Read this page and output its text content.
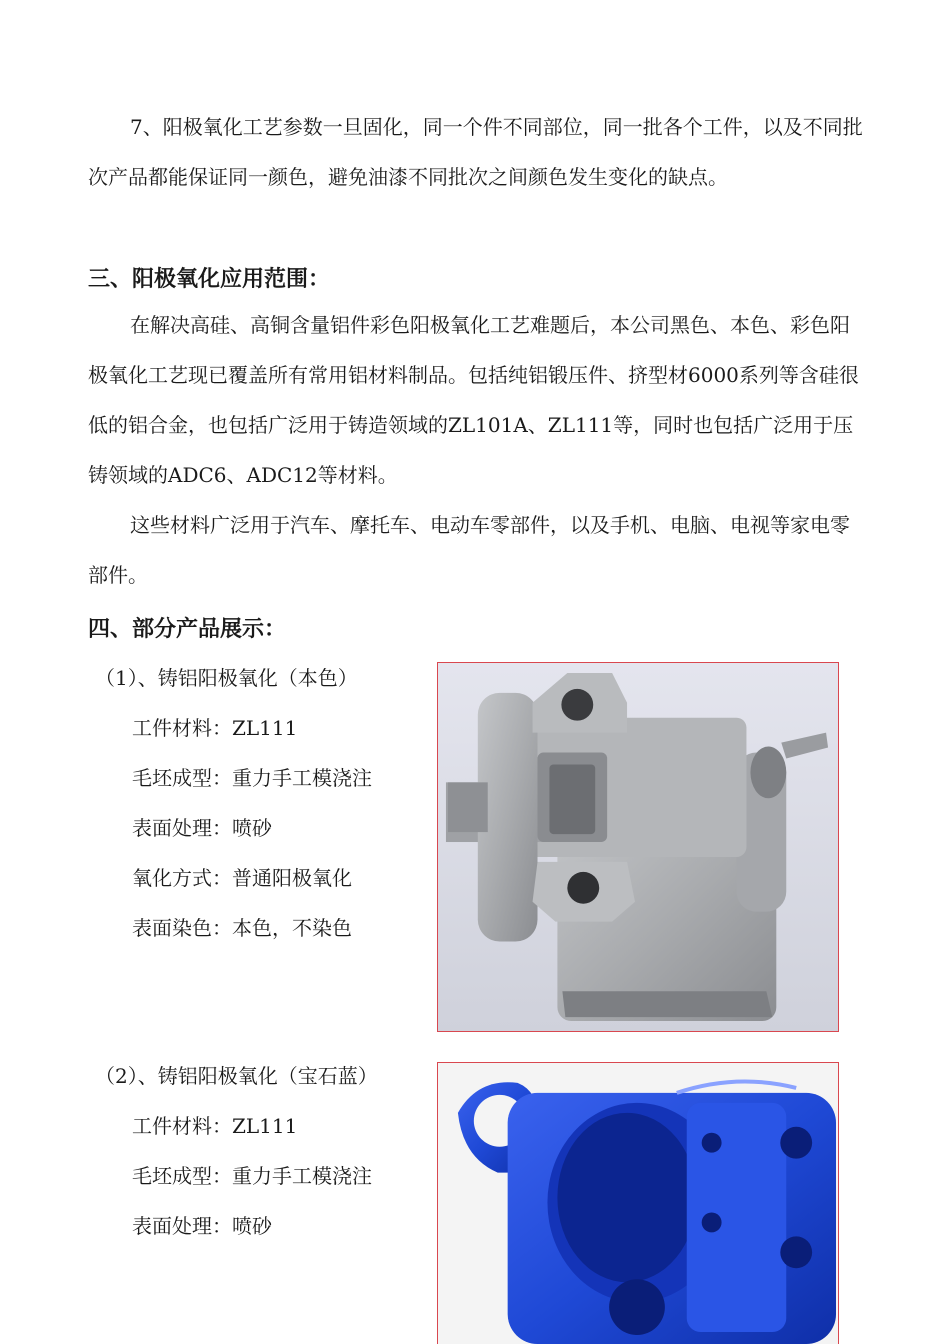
7、阳极氧化工艺参数一旦固化，同一个件不同部位，同一批各个工件，以及不同批次产品都能保证同一颜色，避免油漆不同批次之间颜色发生变化的缺点。

三、阳极氧化应用范围：

在解决高硅、高铜含量铝件彩色阳极氧化工艺难题后，本公司黑色、本色、彩色阳极氧化工艺现已覆盖所有常用铝材料制品。包括纯铝锻压件、挤型材6000系列等含硅很低的铝合金，也包括广泛用于铸造领域的ZL101A、ZL111等，同时也包括广泛用于压铸领域的ADC6、ADC12等材料。

这些材料广泛用于汽车、摩托车、电动车零部件，以及手机、电脑、电视等家电零部件。

四、部分产品展示：

（1）、铸铝阳极氧化（本色）

工件材料：ZL111

毛坯成型：重力手工模浇注

表面处理：喷砂

氧化方式：普通阳极氧化

表面染色：本色，不染色

（2）、铸铝阳极氧化（宝石蓝）

工件材料：ZL111

毛坯成型：重力手工模浇注

表面处理：喷砂
